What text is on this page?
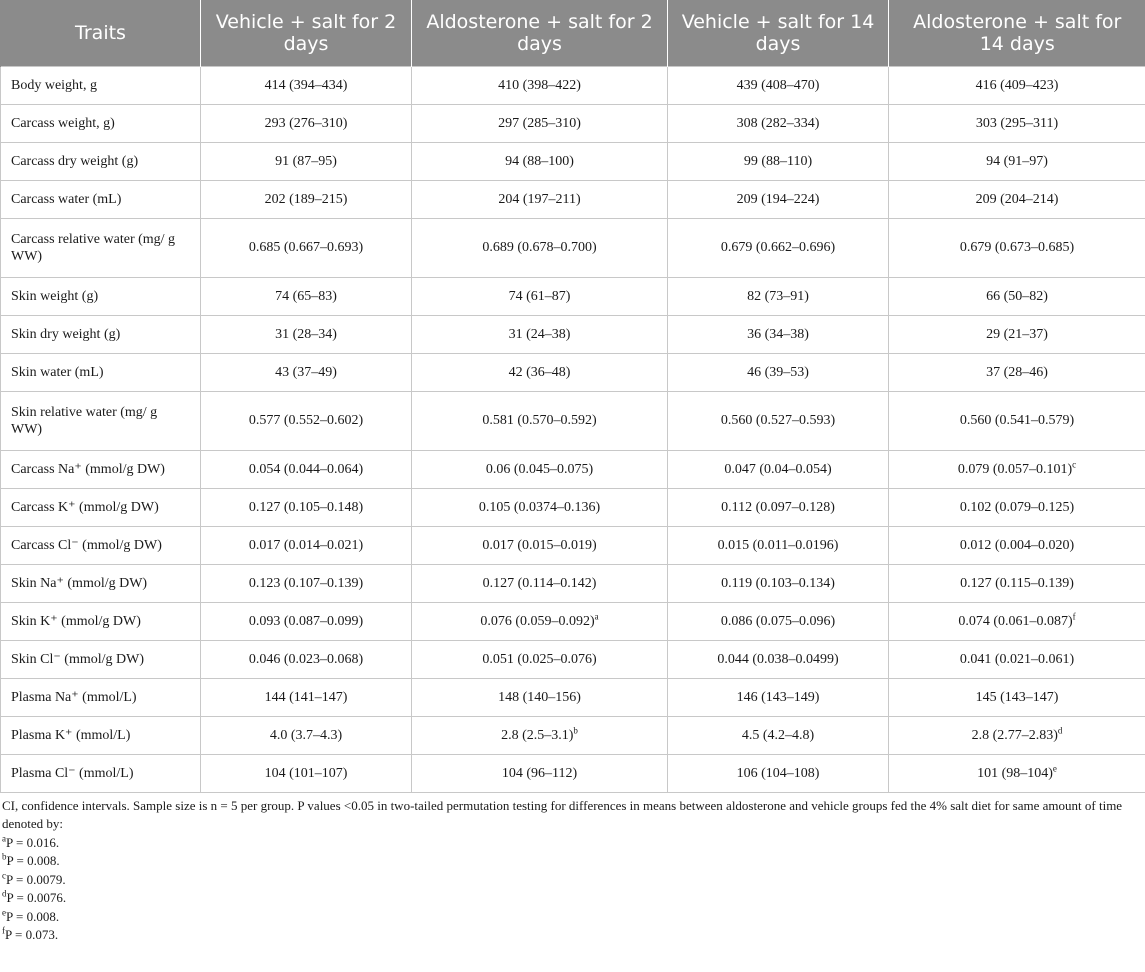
Traits	Vehicle + salt for 2 days	Aldosterone + salt for 2 days	Vehicle + salt for 14 days	Aldosterone + salt for 14 days
Body weight, g	414 (394–434)	410 (398–422)	439 (408–470)	416 (409–423)
Carcass weight, g)	293 (276–310)	297 (285–310)	308 (282–334)	303 (295–311)
Carcass dry weight (g)	91 (87–95)	94 (88–100)	99 (88–110)	94 (91–97)
Carcass water (mL)	202 (189–215)	204 (197–211)	209 (194–224)	209 (204–214)
Carcass relative water (mg/ g WW)	0.685 (0.667–0.693)	0.689 (0.678–0.700)	0.679 (0.662–0.696)	0.679 (0.673–0.685)
Skin weight (g)	74 (65–83)	74 (61–87)	82 (73–91)	66 (50–82)
Skin dry weight (g)	31 (28–34)	31 (24–38)	36 (34–38)	29 (21–37)
Skin water (mL)	43 (37–49)	42 (36–48)	46 (39–53)	37 (28–46)
Skin relative water (mg/ g WW)	0.577 (0.552–0.602)	0.581 (0.570–0.592)	0.560 (0.527–0.593)	0.560 (0.541–0.579)
Carcass Na⁺ (mmol/g DW)	0.054 (0.044–0.064)	0.06 (0.045–0.075)	0.047 (0.04–0.054)	0.079 $(0.057-0.101)^c$
Carcass K⁺ (mmol/g DW)	0.127 (0.105–0.148)	0.105 (0.0374–0.136)	0.112 (0.097–0.128)	0.102 (0.079–0.125)
Carcass Cl⁻ (mmol/g DW)	0.017 (0.014–0.021)	0.017 (0.015–0.019)	0.015 (0.011–0.0196)	0.012 (0.004–0.020)
Skin Na⁺ (mmol/g DW)	0.123 (0.107–0.139)	0.127 (0.114–0.142)	0.119 (0.103–0.134)	0.127 (0.115–0.139)
Skin K⁺ (mmol/g DW)	0.093 (0.087–0.099)	0.076 $(0.059-0.092)^a$	0.086 (0.075–0.096)	0.074 $(0.061-0.087)^f$
Skin Cl⁻ (mmol/g DW)	0.046 (0.023–0.068)	0.051 (0.025–0.076)	0.044 (0.038–0.0499)	0.041 (0.021–0.061)
Plasma Na⁺ (mmol/L)	144 (141–147)	148 (140–156)	146 (143–149)	145 (143–147)
Plasma K⁺ (mmol/L)	4.0 (3.7–4.3)	2.8 $(2.5-3.1)^b$	4.5 (4.2–4.8)	2.8 $(2.77-2.83)^d$
Plasma Cl⁻ (mmol/L)	104 (101–107)	104 (96–112)	106 (104–108)	101 $(98-104)^e$
CI, confidence intervals. Sample size is n = 5 per group. P values <0.05 in two-tailed permutation testing for differences in means between aldosterone and vehicle groups fed the 4% salt diet for same amount of time denoted by:
$^a$P = 0.016.
$^b$P = 0.008.
$^c$P = 0.0079.
$^d$P = 0.0076.
$^e$P = 0.008.
$^f$P = 0.073.
